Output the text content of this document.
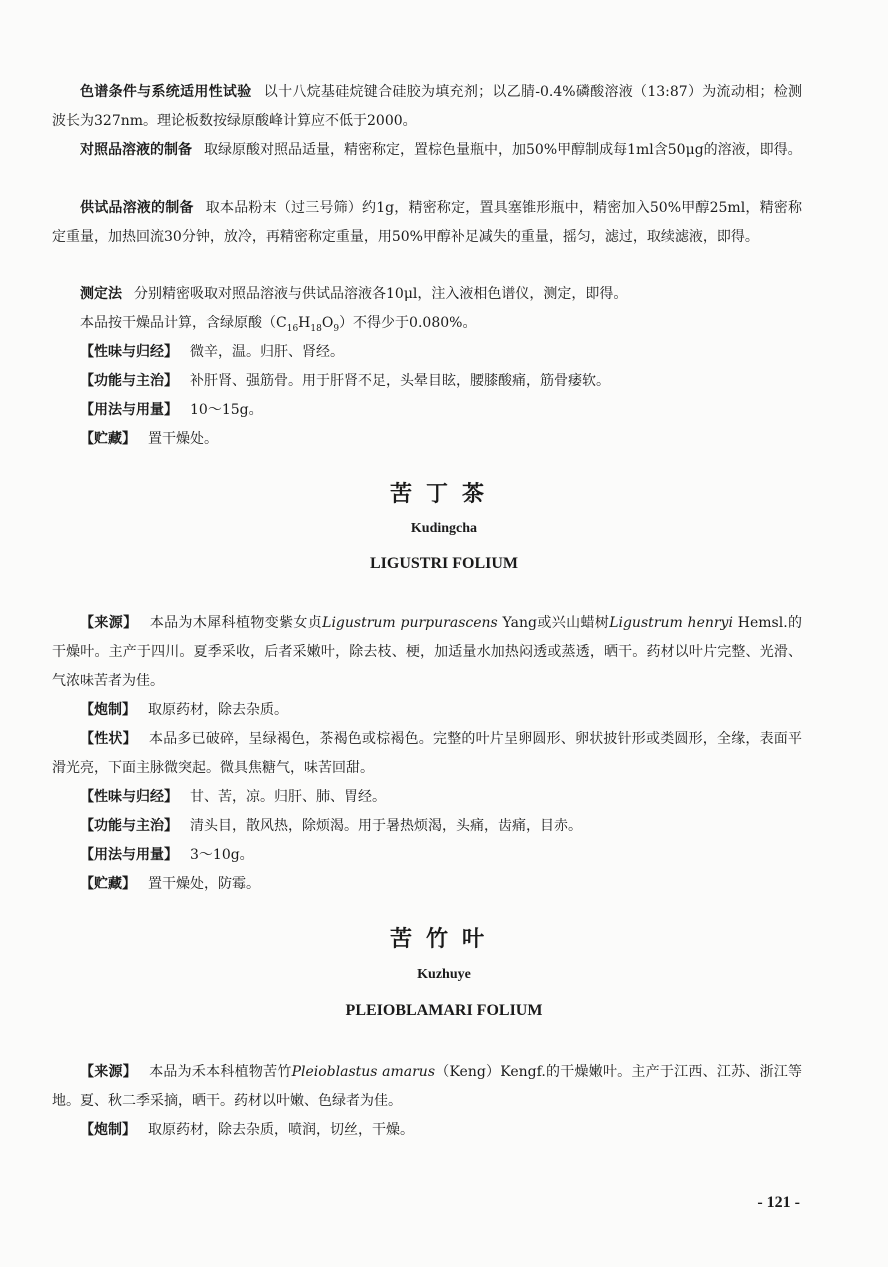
色谱条件与系统适用性试验 以十八烷基硅烷键合硅胶为填充剂；以乙腈-0.4%磷酸溶液（13:87）为流动相；检测波长为327nm。理论板数按绿原酸峰计算应不低于2000。

对照品溶液的制备 取绿原酸对照品适量，精密称定，置棕色量瓶中，加50%甲醇制成每1ml含50μg的溶液，即得。

供试品溶液的制备 取本品粉末（过三号筛）约1g，精密称定，置具塞锥形瓶中，精密加入50%甲醇25ml，精密称定重量，加热回流30分钟，放冷，再精密称定重量，用50%甲醇补足减失的重量，摇匀，滤过，取续滤液，即得。

测定法 分别精密吸取对照品溶液与供试品溶液各10μl，注入液相色谱仪，测定，即得。

本品按干燥品计算，含绿原酸$(C_{16}H_{18}O_9)$不得少于0.080%。

【性味与归经】 微辛，温。归肝、肾经。

【功能与主治】 补肝肾、强筋骨。用于肝肾不足，头晕目眩，腰膝酸痛，筋骨痿软。

【用法与用量】 10～15g。

【贮藏】 置干燥处。

苦丁茶

Kudingcha

LIGUSTRI FOLIUM

【来源】 本品为木犀科植物变紫女贞Ligustrum purpurascens Yang或兴山蜡树Ligustrum henryi Hemsl.的干燥叶。主产于四川。夏季采收，后者采嫩叶，除去枝、梗，加适量水加热闷透或蒸透，晒干。药材以叶片完整、光滑、气浓味苦者为佳。

【炮制】 取原药材，除去杂质。

【性状】 本品多已破碎，呈绿褐色，茶褐色或棕褐色。完整的叶片呈卵圆形、卵状披针形或类圆形，全缘，表面平滑光亮，下面主脉微突起。微具焦糖气，味苦回甜。

【性味与归经】 甘、苦，凉。归肝、肺、胃经。

【功能与主治】 清头目，散风热，除烦渴。用于暑热烦渴，头痛，齿痛，目赤。

【用法与用量】 3～10g。

【贮藏】 置干燥处，防霉。

苦竹叶

Kuzhuye

PLEIOBLAMARI FOLIUM

【来源】 本品为禾本科植物苦竹Pleioblastus amarus（Keng）Kengf.的干燥嫩叶。主产于江西、江苏、浙江等地。夏、秋二季采摘，晒干。药材以叶嫩、色绿者为佳。

【炮制】 取原药材，除去杂质，喷润，切丝，干燥。

- 121 -
